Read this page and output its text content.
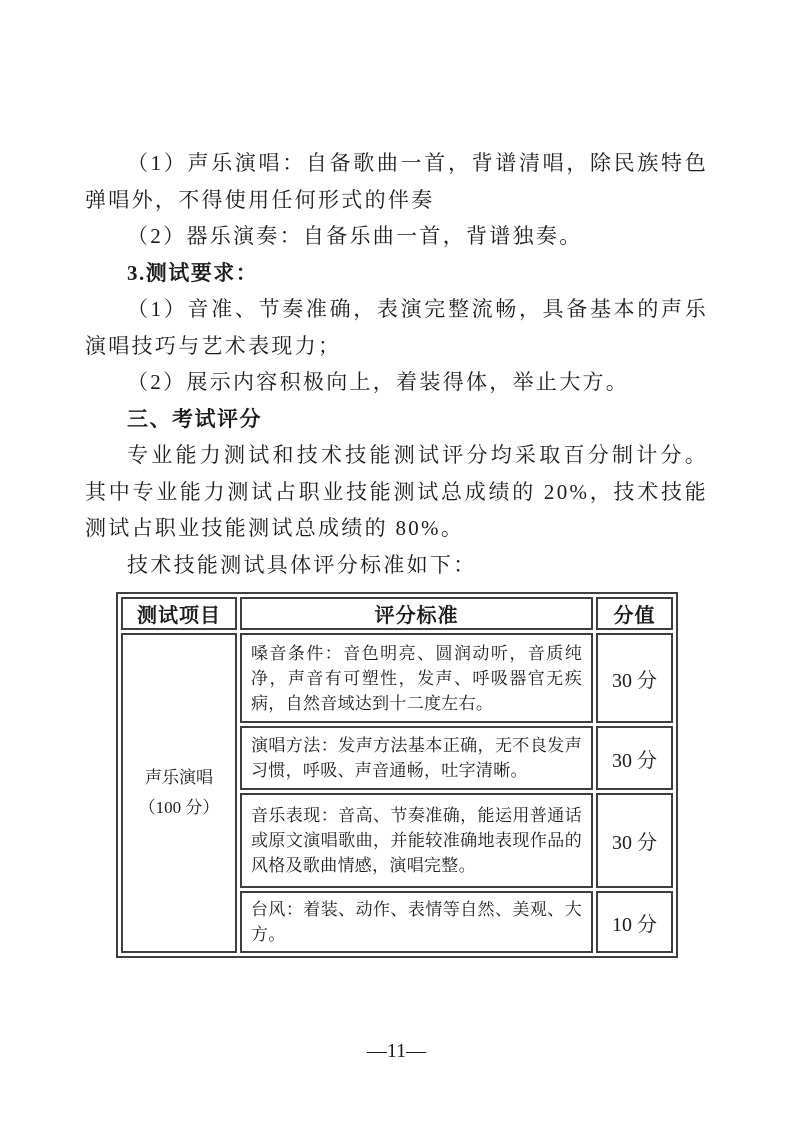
（1）声乐演唱：自备歌曲一首，背谱清唱，除民族特色弹唱外，不得使用任何形式的伴奏

（2）器乐演奏：自备乐曲一首，背谱独奏。

3.测试要求：

（1）音准、节奏准确，表演完整流畅，具备基本的声乐演唱技巧与艺术表现力；

（2）展示内容积极向上，着装得体，举止大方。

三、考试评分

专业能力测试和技术技能测试评分均采取百分制计分。其中专业能力测试占职业技能测试总成绩的 20%，技术技能测试占职业技能测试总成绩的 80%。

技术技能测试具体评分标准如下：

测试项目	评分标准	分值

声乐演唱
（100 分）	嗓音条件：音色明亮、圆润动听，音质纯净，声音有可塑性，发声、呼吸器官无疾病，自然音域达到十二度左右。	30 分
	演唱方法：发声方法基本正确，无不良发声习惯，呼吸、声音通畅，吐字清晰。	30 分
	音乐表现：音高、节奏准确，能运用普通话或原文演唱歌曲，并能较准确地表现作品的风格及歌曲情感，演唱完整。	30 分
	台风：着装、动作、表情等自然、美观、大方。	10 分
—11—
